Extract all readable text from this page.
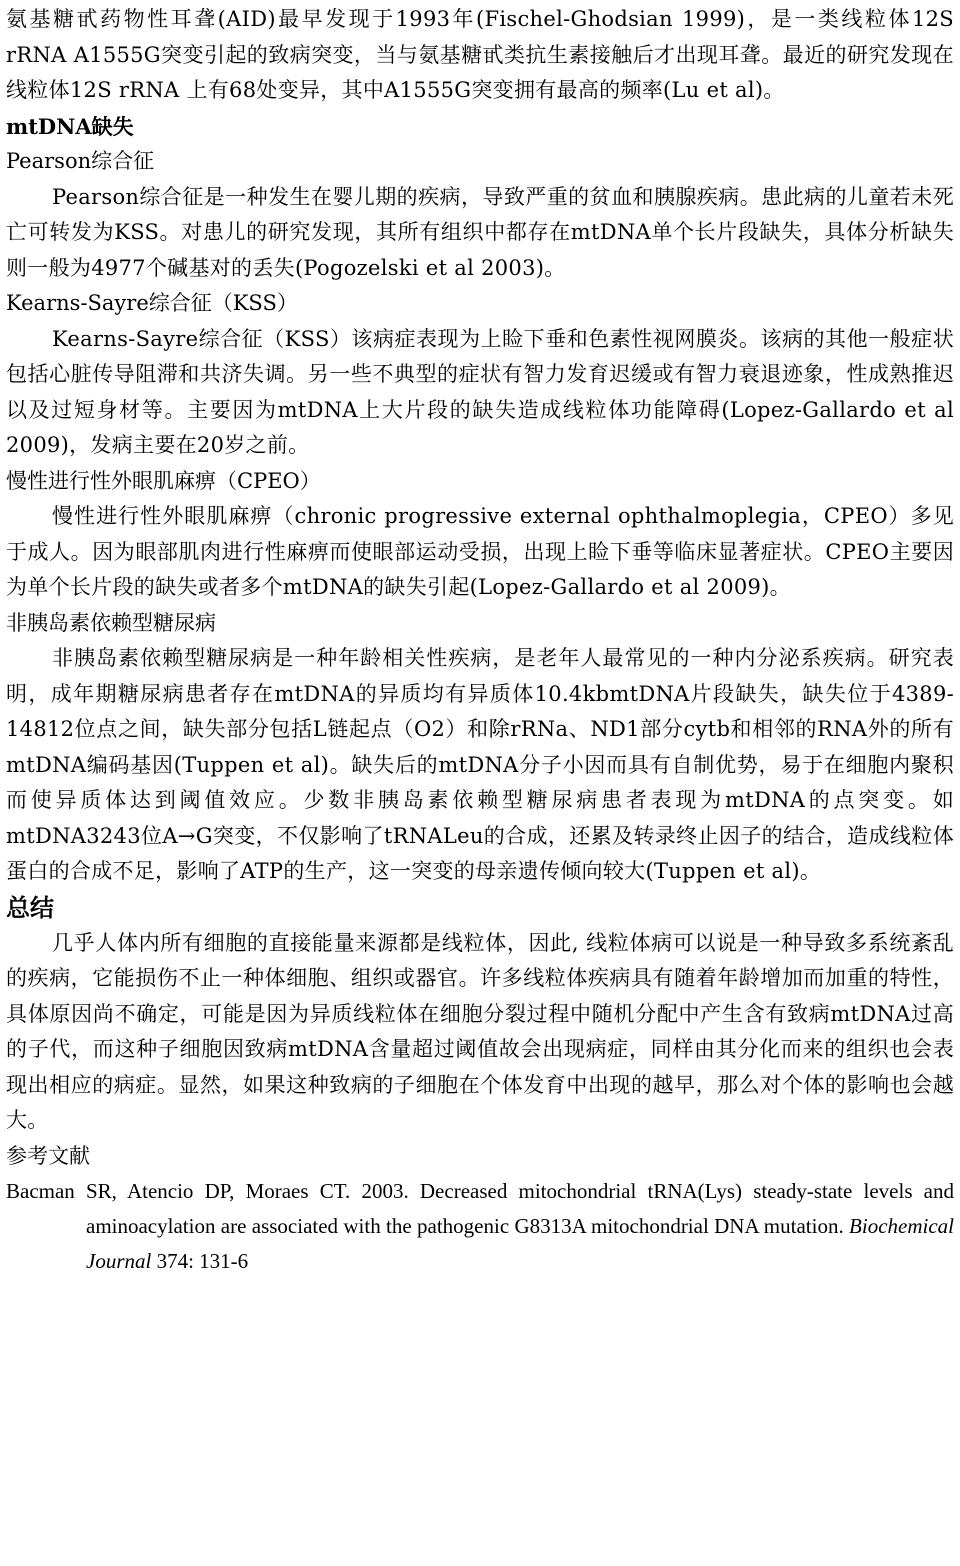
氨基糖甙药物性耳聋(AID)最早发现于1993年(Fischel-Ghodsian 1999)，是一类线粒体12S rRNA A1555G突变引起的致病突变，当与氨基糖甙类抗生素接触后才出现耳聋。最近的研究发现在线粒体12S rRNA 上有68处变异，其中A1555G突变拥有最高的频率(Lu et al)。

mtDNA缺失

Pearson综合征

Pearson综合征是一种发生在婴儿期的疾病，导致严重的贫血和胰腺疾病。患此病的儿童若未死亡可转发为KSS。对患儿的研究发现，其所有组织中都存在mtDNA单个长片段缺失，具体分析缺失则一般为4977个碱基对的丢失(Pogozelski et al 2003)。

Kearns-Sayre综合征（KSS）

Kearns-Sayre综合征（KSS）该病症表现为上睑下垂和色素性视网膜炎。该病的其他一般症状包括心脏传导阻滞和共济失调。另一些不典型的症状有智力发育迟缓或有智力衰退迹象，性成熟推迟以及过短身材等。主要因为mtDNA上大片段的缺失造成线粒体功能障碍(Lopez-Gallardo et al 2009)，发病主要在20岁之前。

慢性进行性外眼肌麻痹（CPEO）

慢性进行性外眼肌麻痹（chronic progressive external ophthalmoplegia，CPEO）多见于成人。因为眼部肌肉进行性麻痹而使眼部运动受损，出现上睑下垂等临床显著症状。CPEO主要因为单个长片段的缺失或者多个mtDNA的缺失引起(Lopez-Gallardo et al 2009)。

非胰岛素依赖型糖尿病

非胰岛素依赖型糖尿病是一种年龄相关性疾病，是老年人最常见的一种内分泌系疾病。研究表明，成年期糖尿病患者存在mtDNA的异质均有异质体10.4kbmtDNA片段缺失，缺失位于4389-14812位点之间，缺失部分包括L链起点（O2）和除rRNa、ND1部分cytb和相邻的RNA外的所有mtDNA编码基因(Tuppen et al)。缺失后的mtDNA分子小因而具有自制优势，易于在细胞内聚积而使异质体达到阈值效应。少数非胰岛素依赖型糖尿病患者表现为mtDNA的点突变。如mtDNA3243位A→G突变，不仅影响了tRNALeu的合成，还累及转录终止因子的结合，造成线粒体蛋白的合成不足，影响了ATP的生产，这一突变的母亲遗传倾向较大(Tuppen et al)。

总结

几乎人体内所有细胞的直接能量来源都是线粒体，因此, 线粒体病可以说是一种导致多系统紊乱的疾病，它能损伤不止一种体细胞、组织或器官。许多线粒体疾病具有随着年龄增加而加重的特性，具体原因尚不确定，可能是因为异质线粒体在细胞分裂过程中随机分配中产生含有致病mtDNA过高的子代，而这种子细胞因致病mtDNA含量超过阈值故会出现病症，同样由其分化而来的组织也会表现出相应的病症。显然，如果这种致病的子细胞在个体发育中出现的越早，那么对个体的影响也会越大。

参考文献

Bacman SR, Atencio DP, Moraes CT. 2003. Decreased mitochondrial tRNA(Lys) steady-state levels and aminoacylation are associated with the pathogenic G8313A mitochondrial DNA mutation. Biochemical Journal 374: 131-6
